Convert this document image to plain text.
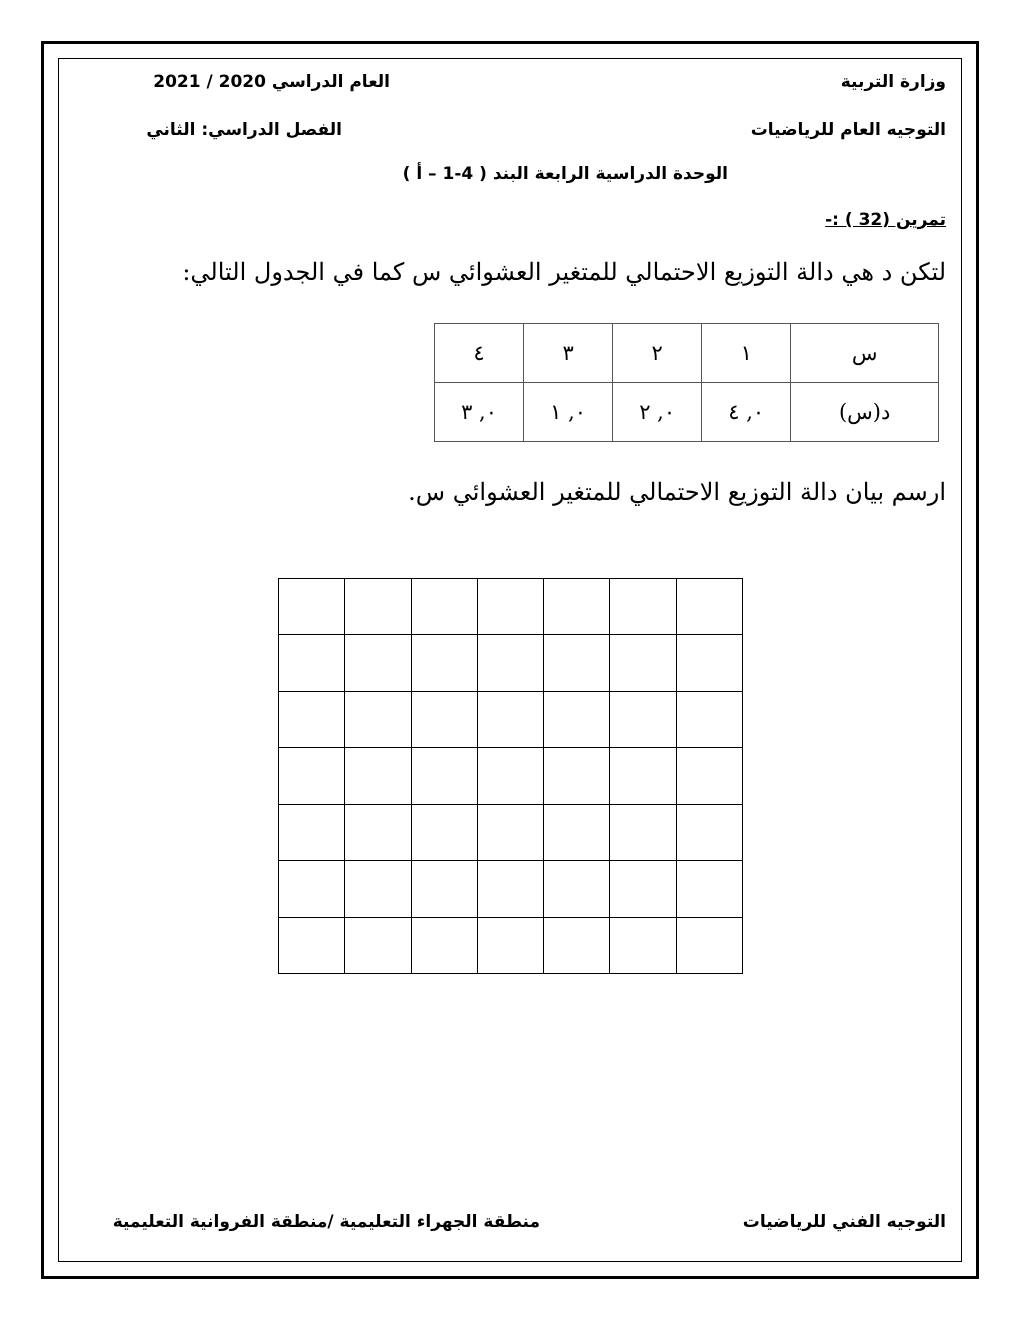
وزارة التربية
العام الدراسي 2020 / 2021
التوجيه العام للرياضيات
الفصل الدراسي: الثاني
الوحدة الدراسية الرابعة البند ( 4-1 – أ )
تمرين (32 ) :-
لتكن د هي دالة التوزيع الاحتمالي للمتغير العشوائي س كما في الجدول التالي:
س	١	٢	٣	٤
د(س)	٠, ٤	٠, ٢	٠, ١	٠, ٣
ارسم بيان دالة التوزيع الاحتمالي للمتغير العشوائي س.
التوجيه الفني للرياضيات
منطقة الجهراء التعليمية /منطقة الفروانية التعليمية
